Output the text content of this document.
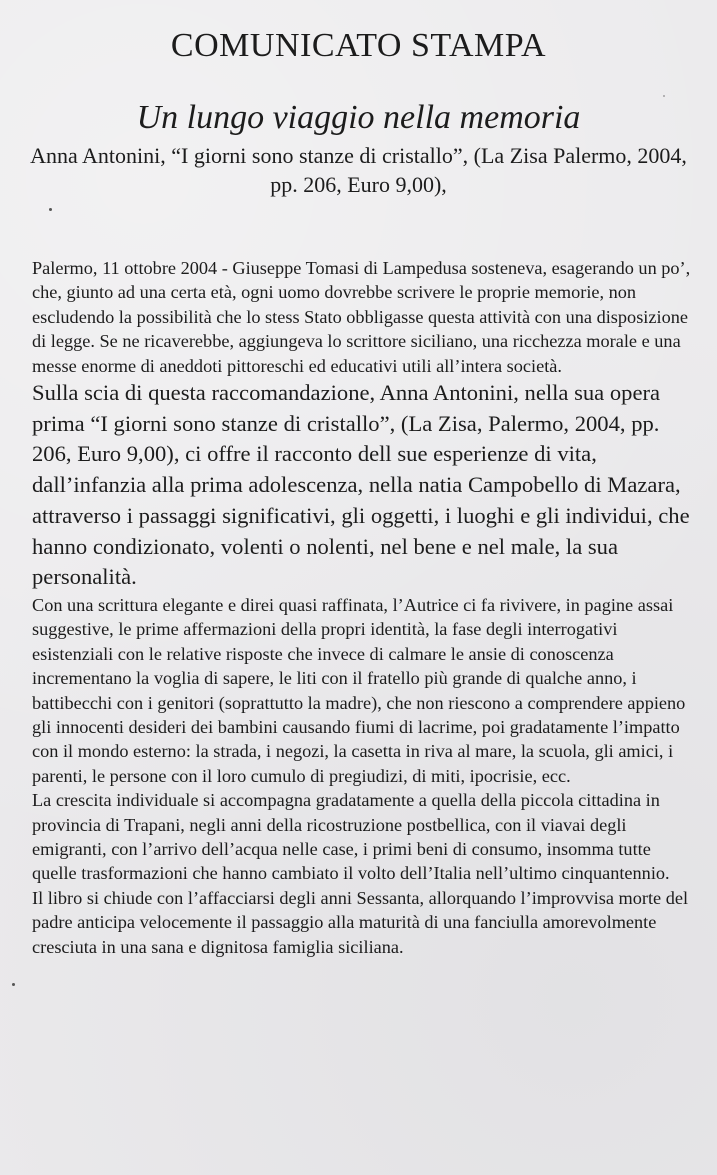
COMUNICATO STAMPA
Un lungo viaggio nella memoria

Anna Antonini, “I giorni sono stanze di cristallo”, (La Zisa Palermo, 2004, pp. 206, Euro 9,00),

Palermo, 11 ottobre 2004 - Giuseppe Tomasi di Lampedusa sosteneva, esagerando un po’, che, giunto ad una certa età, ogni uomo dovrebbe scrivere le proprie memorie, non escludendo la possibilità che lo stess Stato obbligasse questa attività con una disposizione di legge. Se ne ricaverebbe, aggiungeva lo scrittore siciliano, una ricchezza morale e una messe enorme di aneddoti pittoreschi ed educativi utili all’intera società.

Sulla scia di questa raccomandazione, Anna Antonini, nella sua opera prima “I giorni sono stanze di cristallo”, (La Zisa, Palermo, 2004, pp. 206, Euro 9,00), ci offre il racconto dell sue esperienze di vita, dall’infanzia alla prima adolescenza, nella natia Campobello di Mazara, attraverso i passaggi significativi, gli oggetti, i luoghi e gli individui, che hanno condizionato, volenti o nolenti, nel bene e nel male, la sua personalità.

Con una scrittura elegante e direi quasi raffinata, l’Autrice ci fa rivivere, in pagine assai suggestive, le prime affermazioni della propri identità, la fase degli interrogativi esistenziali con le relative risposte che invece di calmare le ansie di conoscenza incrementano la voglia di sapere, le liti con il fratello più grande di qualche anno, i battibecchi con i genitori (soprattutto la madre), che non riescono a comprendere appieno gli innocenti desideri dei bambini causando fiumi di lacrime, poi gradatamente l’impatto con il mondo esterno: la strada, i negozi, la casetta in riva al mare, la scuola, gli amici, i parenti, le persone con il loro cumulo di pregiudizi, di miti, ipocrisie, ecc.

La crescita individuale si accompagna gradatamente a quella della piccola cittadina in provincia di Trapani, negli anni della ricostruzione postbellica, con il viavai degli emigranti, con l’arrivo dell’acqua nelle case, i primi beni di consumo, insomma tutte quelle trasformazioni che hanno cambiato il volto dell’Italia nell’ultimo cinquantennio.

Il libro si chiude con l’affacciarsi degli anni Sessanta, allorquando l’improvvisa morte del padre anticipa velocemente il passaggio alla maturità di una fanciulla amorevolmente cresciuta in una sana e dignitosa famiglia siciliana.
